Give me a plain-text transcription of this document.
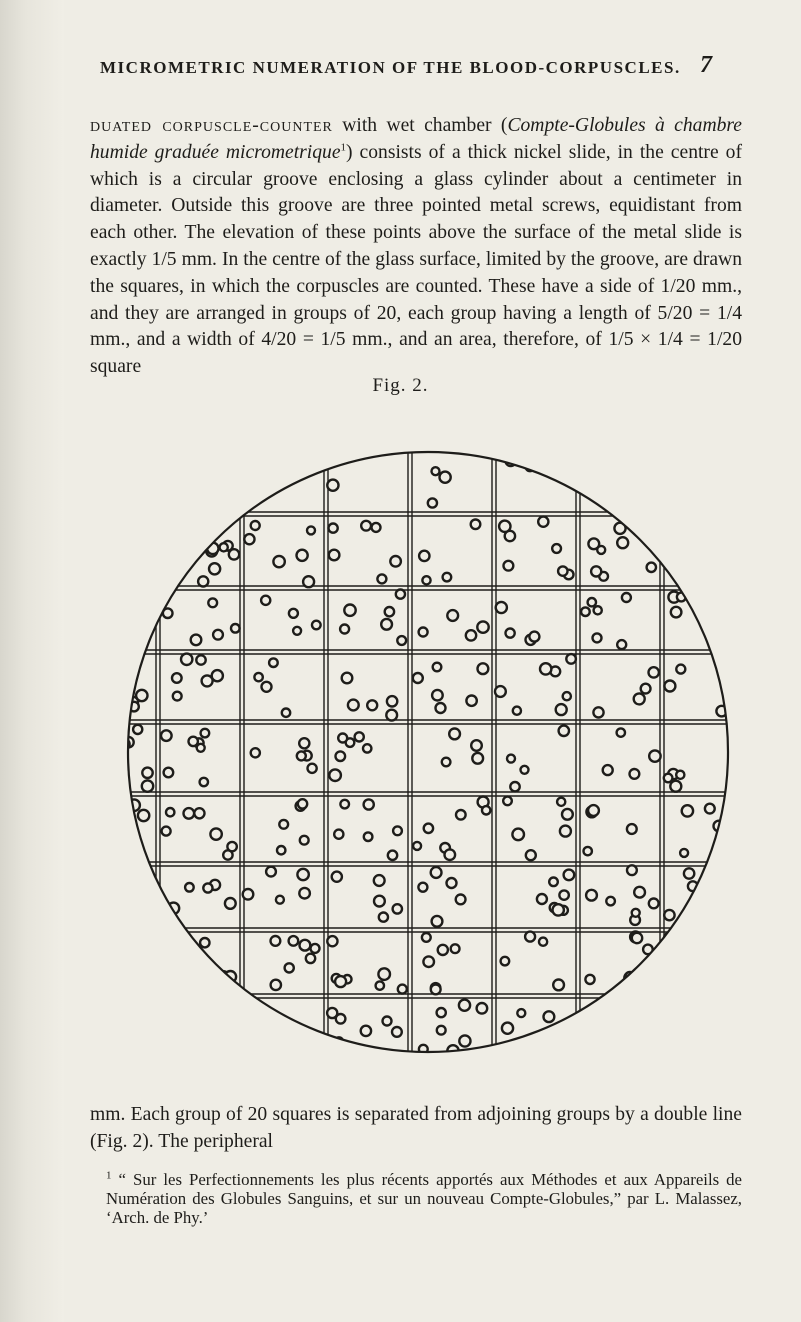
MICROMETRIC NUMERATION OF THE BLOOD-CORPUSCLES. 7
duated corpuscle-counter with wet chamber (Compte-Globules à chambre humide graduée micrometrique$^1$) consists of a thick nickel slide, in the centre of which is a circular groove enclosing a glass cylinder about a centimeter in diameter. Outside this groove are three pointed metal screws, equidistant from each other. The elevation of these points above the surface of the metal slide is exactly 1/5 mm. In the centre of the glass surface, limited by the groove, are drawn the squares, in which the corpuscles are counted. These have a side of 1/20 mm., and they are arranged in groups of 20, each group having a length of 5/20 = 1/4 mm., and a width of 4/20 = 1/5 mm., and an area, therefore, of 1/5 × 1/4 = 1/20 square
Fig. 2.
mm. Each group of 20 squares is separated from adjoining groups by a double line (Fig. 2). The peripheral
$^1$ “ Sur les Perfectionnements les plus récents apportés aux Méthodes et aux Appareils de Numération des Globules Sanguins, et sur un nouveau Compte-Globules,” par L. Malassez, ‘Arch. de Phy.’
